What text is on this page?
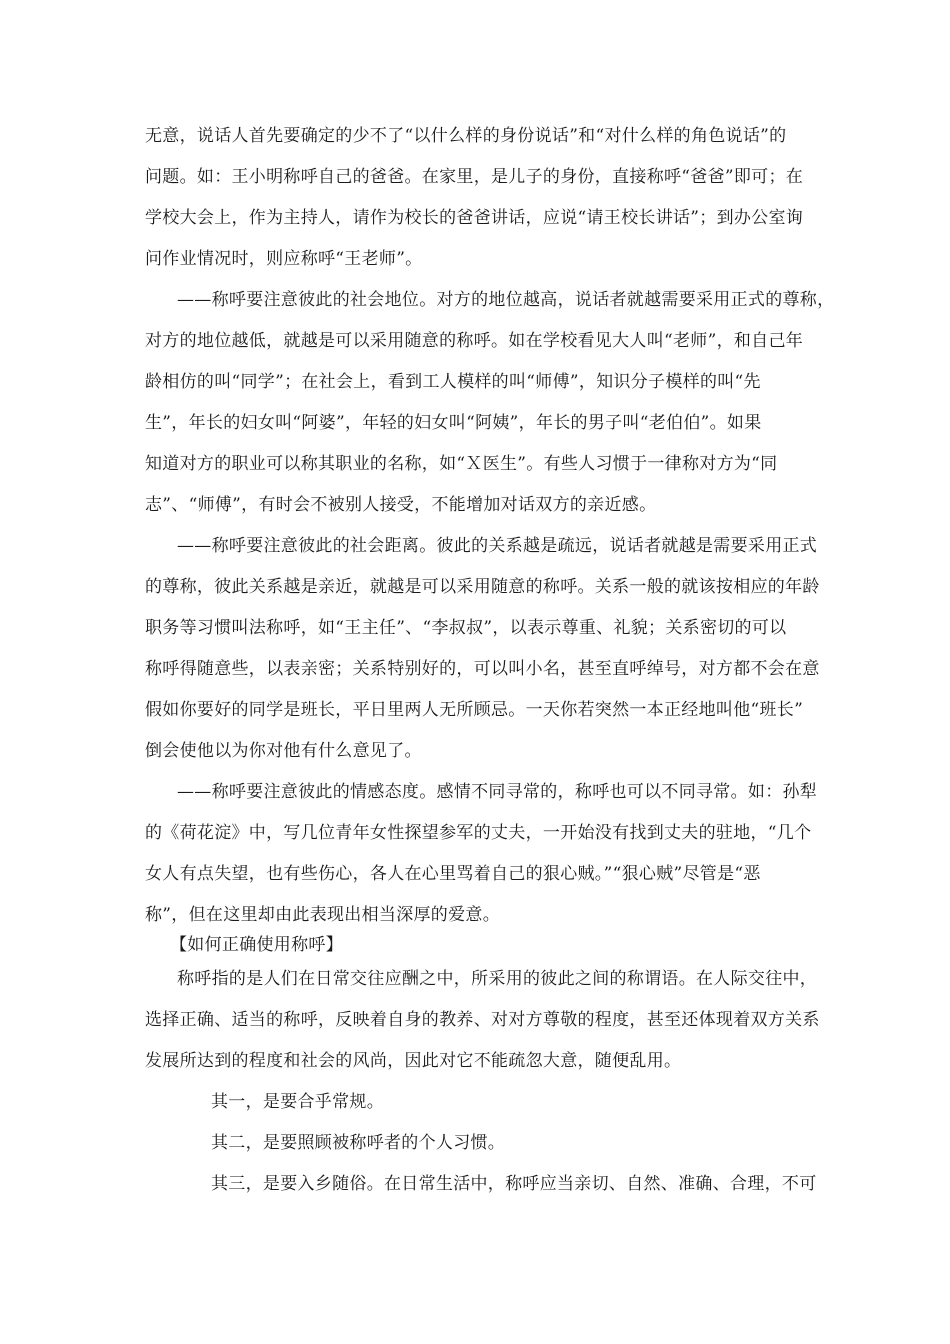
无意，说话人首先要确定的少不了“以什么样的身份说话”和“对什么样的角色说话”的
问题。如：王小明称呼自己的爸爸。在家里，是儿子的身份，直接称呼“爸爸”即可；在
学校大会上，作为主持人，请作为校长的爸爸讲话，应说“请王校长讲话”；到办公室询
问作业情况时，则应称呼“王老师”。
——称呼要注意彼此的社会地位。对方的地位越高，说话者就越需要采用正式的尊称，
对方的地位越低，就越是可以采用随意的称呼。如在学校看见大人叫“老师”，和自己年
龄相仿的叫“同学”；在社会上，看到工人模样的叫“师傅”，知识分子模样的叫“先
生”，年长的妇女叫“阿婆”，年轻的妇女叫“阿姨”，年长的男子叫“老伯伯”。如果
知道对方的职业可以称其职业的名称，如“Ｘ医生”。有些人习惯于一律称对方为“同
志”、“师傅”，有时会不被别人接受，不能增加对话双方的亲近感。
——称呼要注意彼此的社会距离。彼此的关系越是疏远，说话者就越是需要采用正式
的尊称，彼此关系越是亲近，就越是可以采用随意的称呼。关系一般的就该按相应的年龄
职务等习惯叫法称呼，如“王主任”、“李叔叔”，以表示尊重、礼貌；关系密切的可以
称呼得随意些，以表亲密；关系特别好的，可以叫小名，甚至直呼绰号，对方都不会在意
假如你要好的同学是班长，平日里两人无所顾忌。一天你若突然一本正经地叫他“班长”
倒会使他以为你对他有什么意见了。
——称呼要注意彼此的情感态度。感情不同寻常的，称呼也可以不同寻常。如：孙犁
的《荷花淀》中，写几位青年女性探望参军的丈夫，一开始没有找到丈夫的驻地，“几个
女人有点失望，也有些伤心，各人在心里骂着自己的狠心贼。”“狠心贼”尽管是“恶
称”，但在这里却由此表现出相当深厚的爱意。
【如何正确使用称呼】
称呼指的是人们在日常交往应酬之中，所采用的彼此之间的称谓语。在人际交往中，
选择正确、适当的称呼，反映着自身的教养、对对方尊敬的程度，甚至还体现着双方关系
发展所达到的程度和社会的风尚，因此对它不能疏忽大意，随便乱用。
其一，是要合乎常规。
其二，是要照顾被称呼者的个人习惯。
其三，是要入乡随俗。在日常生活中，称呼应当亲切、自然、准确、合理，不可
